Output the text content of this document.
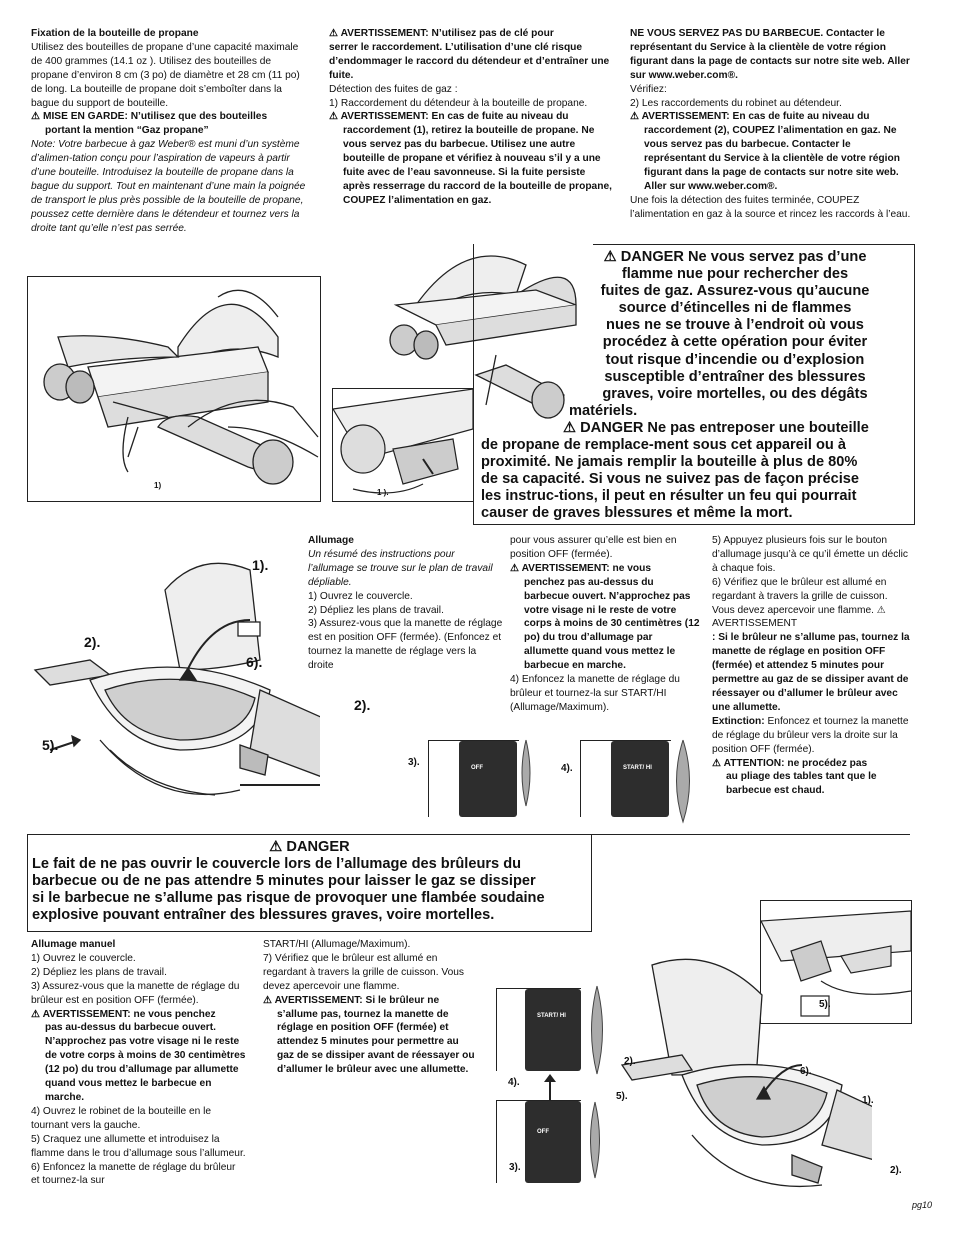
Fixation de la bouteille de propane

Utilisez des bouteilles de propane d’une capacité maximale de 400 grammes (14.1 oz ). Utilisez des bouteilles de propane d’environ 8 cm (3 po) de diamètre et 28 cm (11 po) de long. La bouteille de propane doit s’emboîter dans la bague du support de bouteille.

⚠ MISE EN GARDE: N’utilisez que des bouteilles

portant la mention “Gaz propane”

Note: Votre barbecue à gaz Weber® est muni d’un système d’alimen-tation conçu pour l’aspiration de vapeurs à partir d’une bouteille. Introduisez la bouteille de propane dans la bague du support. Tout en maintenant d’une main la poignée de transport le plus près possible de la bouteille de propane, poussez cette dernière dans le détendeur et tournez vers la droite tant qu’elle n’est pas serrée.

⚠ AVERTISSEMENT: N’utilisez pas de clé pour

serrer le raccordement. L’utilisation d’une clé risque d’endommager le raccord du détendeur et d’entraîner une fuite.

Détection des fuites de gaz :

1) Raccordement du détendeur à la bouteille de propane.

⚠ AVERTISSEMENT: En cas de fuite au niveau du

raccordement (1), retirez la bouteille de propane. Ne vous servez pas du barbecue. Utilisez une autre bouteille de propane et vérifiez à nouveau s’il y a une fuite avec de l’eau savonneuse. Si la fuite persiste après resserrage du raccord de la bouteille de propane, COUPEZ l’alimentation en gaz.

NE VOUS SERVEZ PAS DU BARBECUE. Contacter le représentant du Service à la clientèle de votre région figurant dans la page de contacts sur notre site web. Aller sur www.weber.com®.

Vérifiez:

2) Les raccordements du robinet au détendeur.

⚠ AVERTISSEMENT: En cas de fuite au niveau du

raccordement (2), COUPEZ l’alimentation en gaz. Ne vous servez pas du barbecue. Contacter le représentant du Service à la clientèle de votre région figurant dans la page de contacts sur notre site web. Aller sur www.weber.com®.

Une fois la détection des fuites terminée, COUPEZ l’alimentation en gaz à la source et rincez les raccords à l’eau.

1)
1 ).
⚠ DANGER Ne vous servez pas d’une
flamme nue pour rechercher des
fuites de gaz. Assurez-vous qu’aucune
source d’étincelles ni de flammes
nues ne se trouve à l’endroit où vous
procédez à cette opération pour éviter
tout risque d’incendie ou d’explosion
susceptible d’entraîner des blessures
graves, voire mortelles, ou des dégâts
matériels.
⚠ DANGER Ne pas entreposer une bouteille
de propane de remplace-ment sous cet appareil ou à
proximité. Ne jamais remplir la bouteille à plus de 80%
de sa capacité. Si vous ne suivez pas de façon précise
les instruc-tions, il peut en résulter un feu qui pourrait
causer de graves blessures et même la mort.
1).
2).
6).
2).
5).
OFF
3).	START/ HI
4).

Allumage

Un résumé des instructions pour l’allumage se trouve sur le plan de travail dépliable.

1) Ouvrez le couvercle.

2) Dépliez les plans de travail.

3) Assurez-vous que la manette de réglage est en position OFF (fermée). (Enfoncez et tournez la manette de réglage vers la droite

pour vous assurer qu’elle est bien en position OFF (fermée).

⚠ AVERTISSEMENT: ne vous

penchez pas au-dessus du barbecue ouvert. N’approchez pas votre visage ni le reste de votre corps à moins de 30 centimètres (12 po) du trou d’allumage par allumette quand vous mettez le barbecue en marche.

4) Enfoncez la manette de réglage du brûleur et tournez-la sur START/HI (Allumage/Maximum).

5) Appuyez plusieurs fois sur le bouton d’allumage jusqu’à ce qu’il émette un déclic à chaque fois.

6) Vérifiez que le brûleur est allumé en regardant à travers la grille de cuisson. Vous devez apercevoir une flamme. ⚠ AVERTISSEMENT

: Si le brûleur ne s’allume pas, tournez la manette de réglage en position OFF (fermée) et attendez 5 minutes pour permettre au gaz de se dissiper avant de réessayer ou d’allumer le brûleur avec une allumette.

Extinction: Enfoncez et tournez la manette de réglage du brûleur vers la droite sur la position OFF (fermée).

⚠ ATTENTION: ne procédez pas

au pliage des tables tant que le barbecue est chaud.

⚠ DANGER
Le fait de ne pas ouvrir le couvercle lors de l’allumage des brûleurs du
barbecue ou de ne pas attendre 5 minutes pour laisser le gaz se dissiper
si le barbecue ne s’allume pas risque de provoquer une flambée soudaine
explosive pouvant entraîner des blessures graves, voire mortelles.

Allumage manuel

1) Ouvrez le couvercle.

2) Dépliez les plans de travail.

3) Assurez-vous que la manette de réglage du brûleur est en position OFF (fermée).

⚠ AVERTISSEMENT: ne vous penchez

pas au-dessus du barbecue ouvert. N’approchez pas votre visage ni le reste de votre corps à moins de 30 centimètres (12 po) du trou d’allumage par allumette quand vous mettez le barbecue en marche.

4) Ouvrez le robinet de la bouteille en le tournant vers la gauche.

5) Craquez une allumette et introduisez la flamme dans le trou d’allumage sous l’allumeur.

6) Enfoncez la manette de réglage du brûleur et tournez-la sur

START/HI (Allumage/Maximum).

7) Vérifiez que le brûleur est allumé en regardant à travers la grille de cuisson. Vous devez apercevoir une flamme.

⚠ AVERTISSEMENT: Si le brûleur ne

s’allume pas, tournez la manette de réglage en position OFF (fermée) et attendez 5 minutes pour permettre au gaz de se dissiper avant de réessayer ou d’allumer le brûleur avec une allumette.

START/ HI
4).
OFF
3).
5).
2).
5).
6).
1).
2).
pg10
